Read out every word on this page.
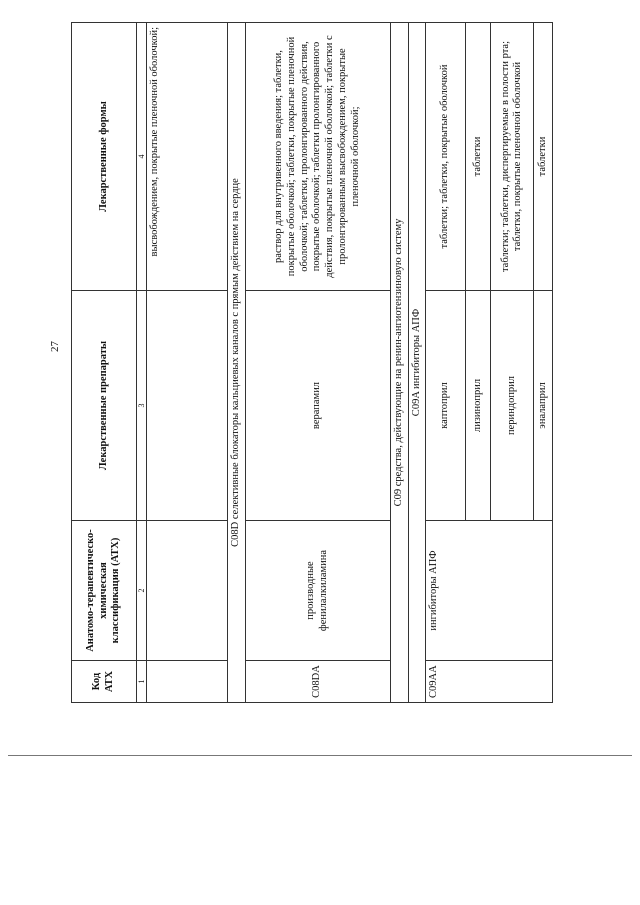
27
Код АТХ	Анатомо-терапевтическо-химическая классификация (АТХ)	Лекарственные препараты	Лекарственные формы
1	2	3	4
			высвобождением, покрытые пленочной оболочкой;
C08D селективные блокаторы кальциевых каналов с прямым действием на сердце			
C08DA	производные фенилалкиламина	верапамил	раствор для внутривенного введения; таблетки, покрытые оболочкой; таблетки, покрытые пленочной оболочкой; таблетки, пролонгированного действия, покрытые оболочкой; таблетки пролонгированного действия, покрытые пленочной оболочкой; таблетки с пролонгированным высвобождением, покрытые пленочной оболочкой;
C09 средства, действующие на ренин-ангиотензиновую систему			
C09A ингибиторы АПФ			
C09AA	ингибиторы АПФ	каптоприл	таблетки; таблетки, покрытые оболочкой
		лизиноприл	таблетки
		периндоприл	таблетки; таблетки, диспергируемые в полости рта; таблетки, покрытые пленочной оболочкой
		эналаприл	таблетки
